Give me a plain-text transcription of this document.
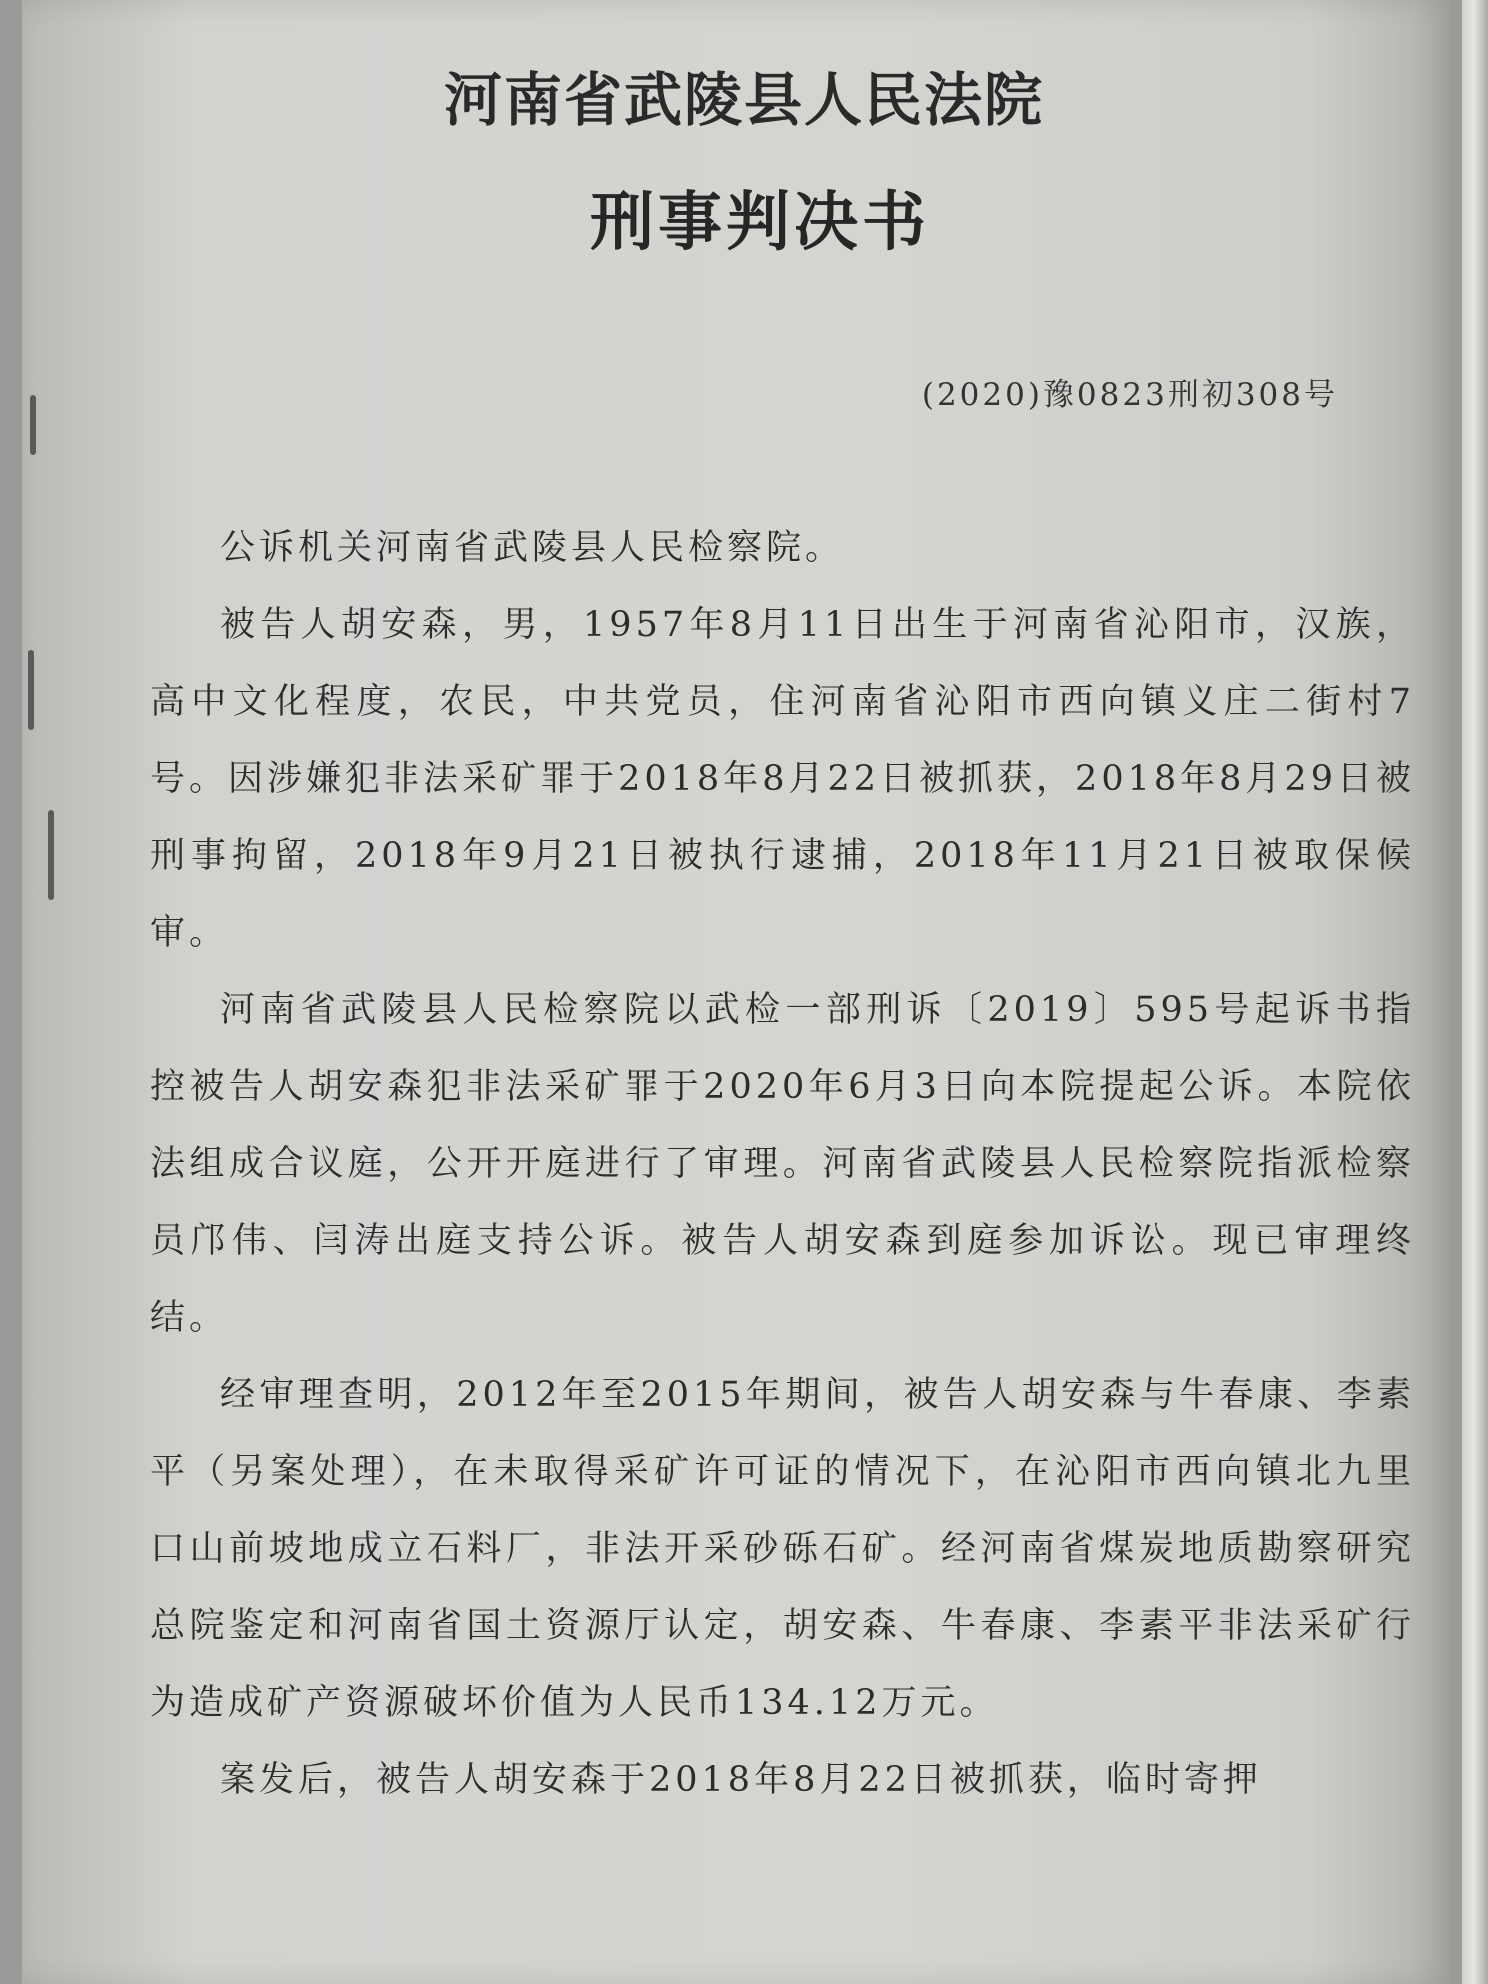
河南省武陵县人民法院
刑事判决书
(2020)豫0823刑初308号

公诉机关河南省武陵县人民检察院。

被告人胡安森，男，1957年8月11日出生于河南省沁阳市，汉族，高中文化程度，农民，中共党员，住河南省沁阳市西向镇义庄二街村7号。因涉嫌犯非法采矿罪于2018年8月22日被抓获，2018年8月29日被刑事拘留，2018年9月21日被执行逮捕，2018年11月21日被取保候审。

河南省武陵县人民检察院以武检一部刑诉〔2019〕595号起诉书指控被告人胡安森犯非法采矿罪于2020年6月3日向本院提起公诉。本院依法组成合议庭，公开开庭进行了审理。河南省武陵县人民检察院指派检察员邝伟、闫涛出庭支持公诉。被告人胡安森到庭参加诉讼。现已审理终结。

经审理查明，2012年至2015年期间，被告人胡安森与牛春康、李素平（另案处理），在未取得采矿许可证的情况下，在沁阳市西向镇北九里口山前坡地成立石料厂，非法开采砂砾石矿。经河南省煤炭地质勘察研究总院鉴定和河南省国土资源厅认定，胡安森、牛春康、李素平非法采矿行为造成矿产资源破坏价值为人民币134.12万元。

案发后，被告人胡安森于2018年8月22日被抓获，临时寄押
